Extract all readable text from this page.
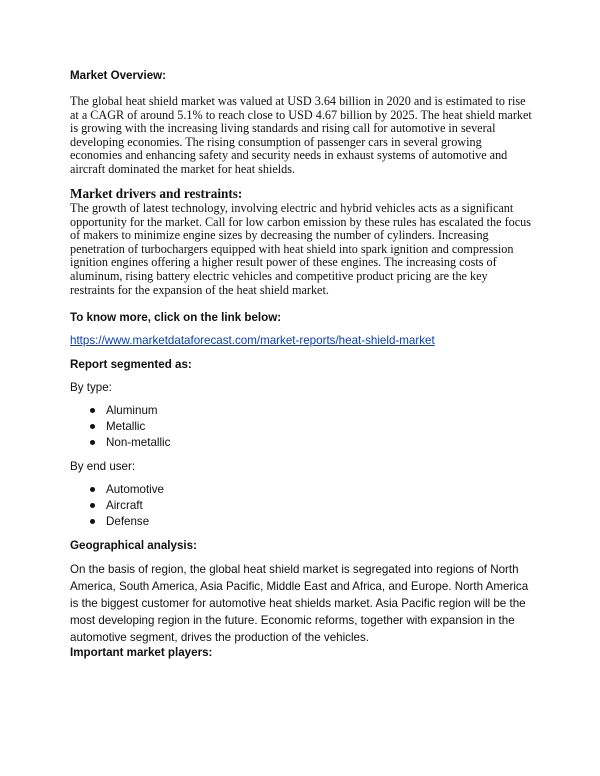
Market Overview:

The global heat shield market was valued at USD 3.64 billion in 2020 and is estimated to rise at a CAGR of around 5.1% to reach close to USD 4.67 billion by 2025. The heat shield market is growing with the increasing living standards and rising call for automotive in several developing economies. The rising consumption of passenger cars in several growing economies and enhancing safety and security needs in exhaust systems of automotive and aircraft dominated the market for heat shields.

Market drivers and restraints:

The growth of latest technology, involving electric and hybrid vehicles acts as a significant opportunity for the market. Call for low carbon emission by these rules has escalated the focus of makers to minimize engine sizes by decreasing the number of cylinders. Increasing penetration of turbochargers equipped with heat shield into spark ignition and compression ignition engines offering a higher result power of these engines. The increasing costs of aluminum, rising battery electric vehicles and competitive product pricing are the key restraints for the expansion of the heat shield market.

To know more, click on the link below:

https://www.marketdataforecast.com/market-reports/heat-shield-market

Report segmented as:

By type:

Aluminum
Metallic
Non-metallic

By end user:

Automotive
Aircraft
Defense

Geographical analysis:

On the basis of region, the global heat shield market is segregated into regions of North America, South America, Asia Pacific, Middle East and Africa, and Europe. North America is the biggest customer for automotive heat shields market. Asia Pacific region will be the most developing region in the future. Economic reforms, together with expansion in the automotive segment, drives the production of the vehicles.

Important market players:
